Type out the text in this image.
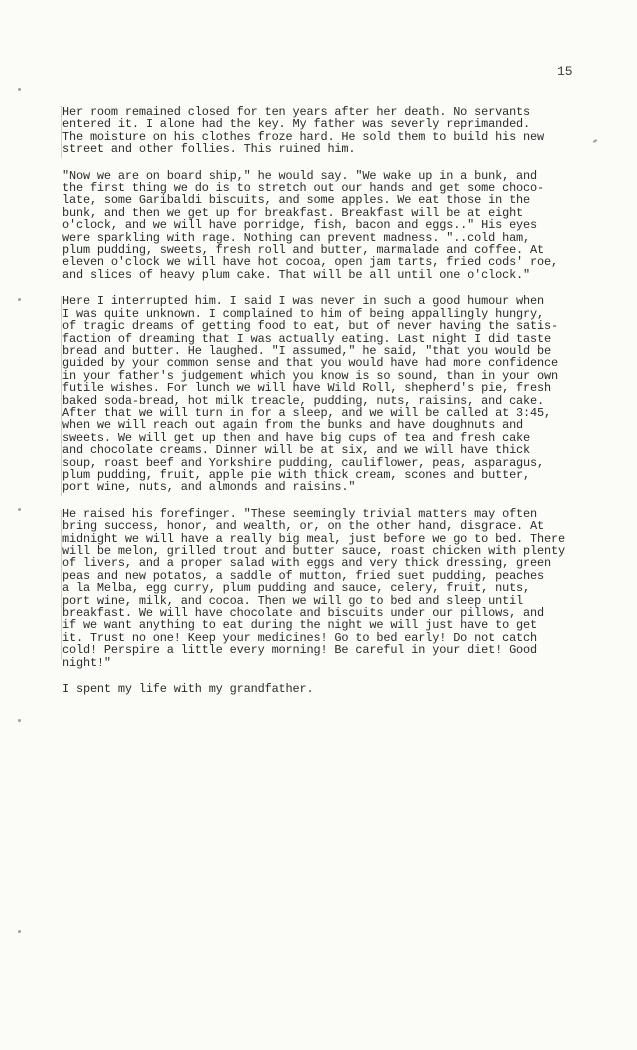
15
Her room remained closed for ten years after her death. No servants
entered it. I alone had the key. My father was severly reprimanded.
The moisture on his clothes froze hard. He sold them to build his new
street and other follies. This ruined him.
"Now we are on board ship," he would say. "We wake up in a bunk, and
the first thing we do is to stretch out our hands and get some choco-
late, some Garibaldi biscuits, and some apples. We eat those in the
bunk, and then we get up for breakfast. Breakfast will be at eight
o'clock, and we will have porridge, fish, bacon and eggs.." His eyes
were sparkling with rage. Nothing can prevent madness. "..cold ham,
plum pudding, sweets, fresh roll and butter, marmalade and coffee. At
eleven o'clock we will have hot cocoa, open jam tarts, fried cods' roe,
and slices of heavy plum cake. That will be all until one o'clock."
Here I interrupted him. I said I was never in such a good humour when
I was quite unknown. I complained to him of being appallingly hungry,
of tragic dreams of getting food to eat, but of never having the satis-
faction of dreaming that I was actually eating. Last night I did taste
bread and butter. He laughed. "I assumed," he said, "that you would be
guided by your common sense and that you would have had more confidence
in your father's judgement which you know is so sound, than in your own
futile wishes. For lunch we will have Wild Roll, shepherd's pie, fresh
baked soda-bread, hot milk treacle, pudding, nuts, raisins, and cake.
After that we will turn in for a sleep, and we will be called at 3:45,
when we will reach out again from the bunks and have doughnuts and
sweets. We will get up then and have big cups of tea and fresh cake
and chocolate creams. Dinner will be at six, and we will have thick
soup, roast beef and Yorkshire pudding, cauliflower, peas, asparagus,
plum pudding, fruit, apple pie with thick cream, scones and butter,
port wine, nuts, and almonds and raisins."
He raised his forefinger. "These seemingly trivial matters may often
bring success, honor, and wealth, or, on the other hand, disgrace. At
midnight we will have a really big meal, just before we go to bed. There
will be melon, grilled trout and butter sauce, roast chicken with plenty
of livers, and a proper salad with eggs and very thick dressing, green
peas and new potatos, a saddle of mutton, fried suet pudding, peaches
a la Melba, egg curry, plum pudding and sauce, celery, fruit, nuts,
port wine, milk, and cocoa. Then we will go to bed and sleep until
breakfast. We will have chocolate and biscuits under our pillows, and
if we want anything to eat during the night we will just have to get
it. Trust no one! Keep your medicines! Go to bed early! Do not catch
cold! Perspire a little every morning! Be careful in your diet! Good
night!"
I spent my life with my grandfather.
